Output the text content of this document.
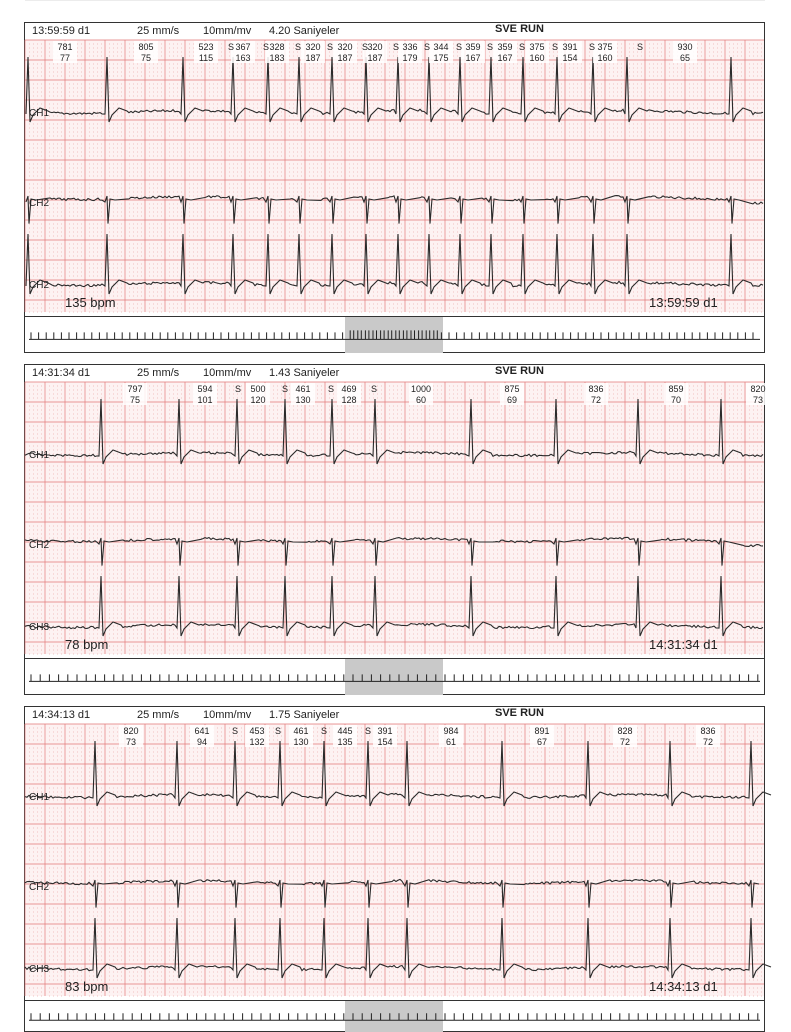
13:59:59 d1	25 mm/s 10mm/mv 4.20 Saniyeler	SVE RUN
CH1
CH2
CH2
781
77
805
75
523
115
367
163
328
183
320
187
320
187
320
187
336
179
344
175
359
167
359
167
375
160
391
154
375
160
930
65
S	S	S	S	S	S	S	S	S	S	S	S	S
135 bpm	13:59:59 d1
14:31:34 d1	25 mm/s 10mm/mv 1.43 Saniyeler	SVE RUN
CH1
CH2
CH3
797
75
594
101
500
120
461
130
469
128
1000
60
875
69
836
72
859
70
820
73
S	S	S	S
78 bpm	14:31:34 d1
14:34:13 d1	25 mm/s 10mm/mv 1.75 Saniyeler	SVE RUN
CH1
CH2
CH3
820
73
641
94
453
132
461
130
445
135
391
154
984
61
891
67
828
72
836
72
S	S	S	S
83 bpm	14:34:13 d1
